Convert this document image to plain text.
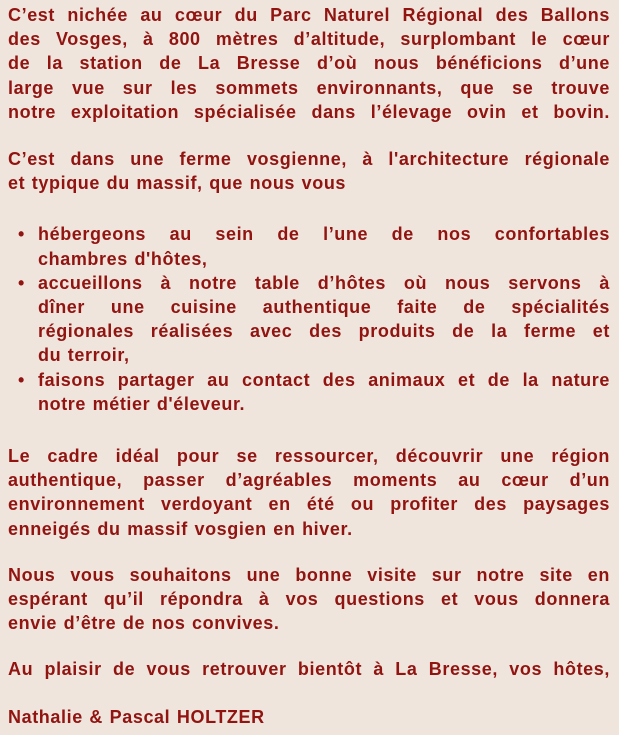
C’est nichée au cœur du Parc Naturel Régional des Ballons
des Vosges, à 800 mètres d’altitude, surplombant le cœur
de la station de La Bresse d’où nous bénéficions d’une
large vue sur les sommets environnants, que se trouve
notre exploitation spécialisée dans l’élevage ovin et bovin.
C’est dans une ferme vosgienne, à l'architecture régionale
et typique du massif, que nous vous
• hébergeons au sein de l’une de nos confortables
chambres d'hôtes,
• accueillons à notre table d’hôtes où nous servons à
dîner une cuisine authentique faite de spécialités
régionales réalisées avec des produits de la ferme et
du terroir,
• faisons partager au contact des animaux et de la nature
notre métier d'éleveur.
Le cadre idéal pour se ressourcer, découvrir une région
authentique, passer d’agréables moments au cœur d’un
environnement verdoyant en été ou profiter des paysages
enneigés du massif vosgien en hiver.
Nous vous souhaitons une bonne visite sur notre site en
espérant qu’il répondra à vos questions et vous donnera
envie d’être de nos convives.
Au plaisir de vous retrouver bientôt à La Bresse, vos hôtes,
Nathalie & Pascal HOLTZER
